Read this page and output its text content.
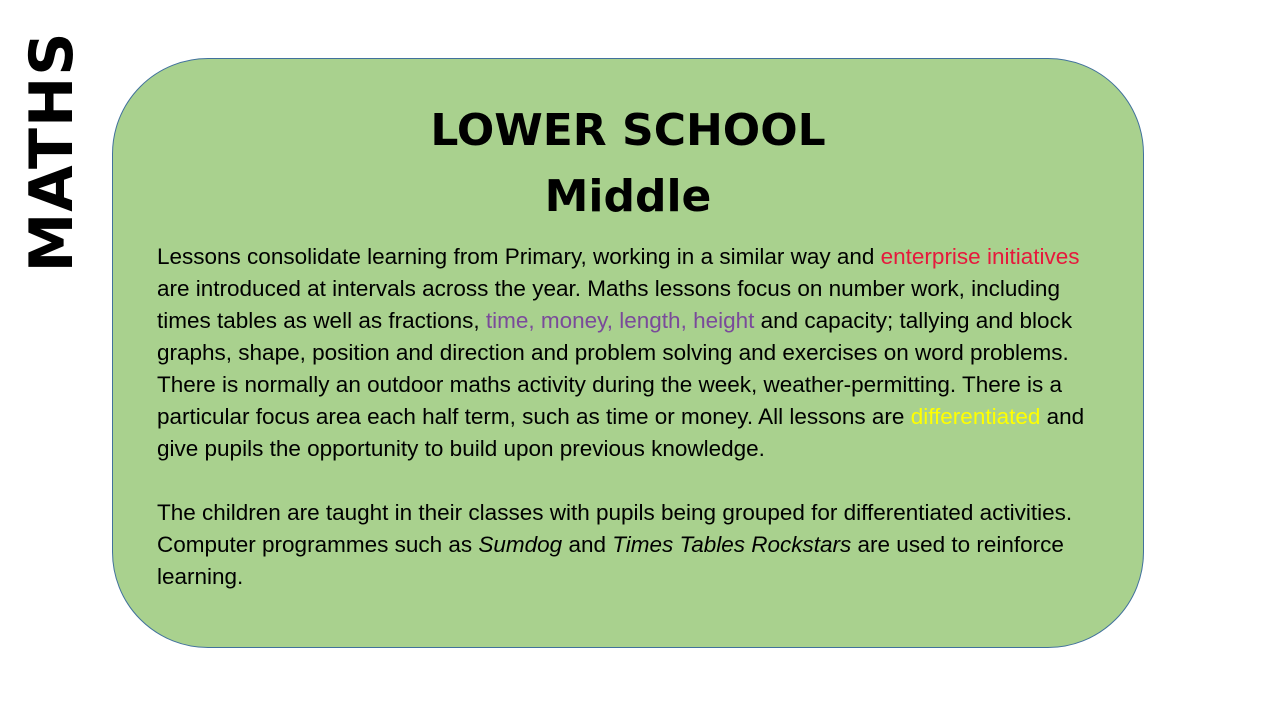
MATHS	LOWER SCHOOL
Middle

Lessons consolidate learning from Primary, working in a similar way and enterprise initiatives are introduced at intervals across the year. Maths lessons focus on number work, including times tables as well as fractions, time, money, length, height and capacity; tallying and block graphs, shape, position and direction and problem solving and exercises on word problems. There is normally an outdoor maths activity during the week, weather-permitting. There is a particular focus area each half term, such as time or money. All lessons are differentiated and give pupils the opportunity to build upon previous knowledge.

The children are taught in their classes with pupils being grouped for differentiated activities. Computer programmes such as Sumdog and Times Tables Rockstars are used to reinforce learning.
